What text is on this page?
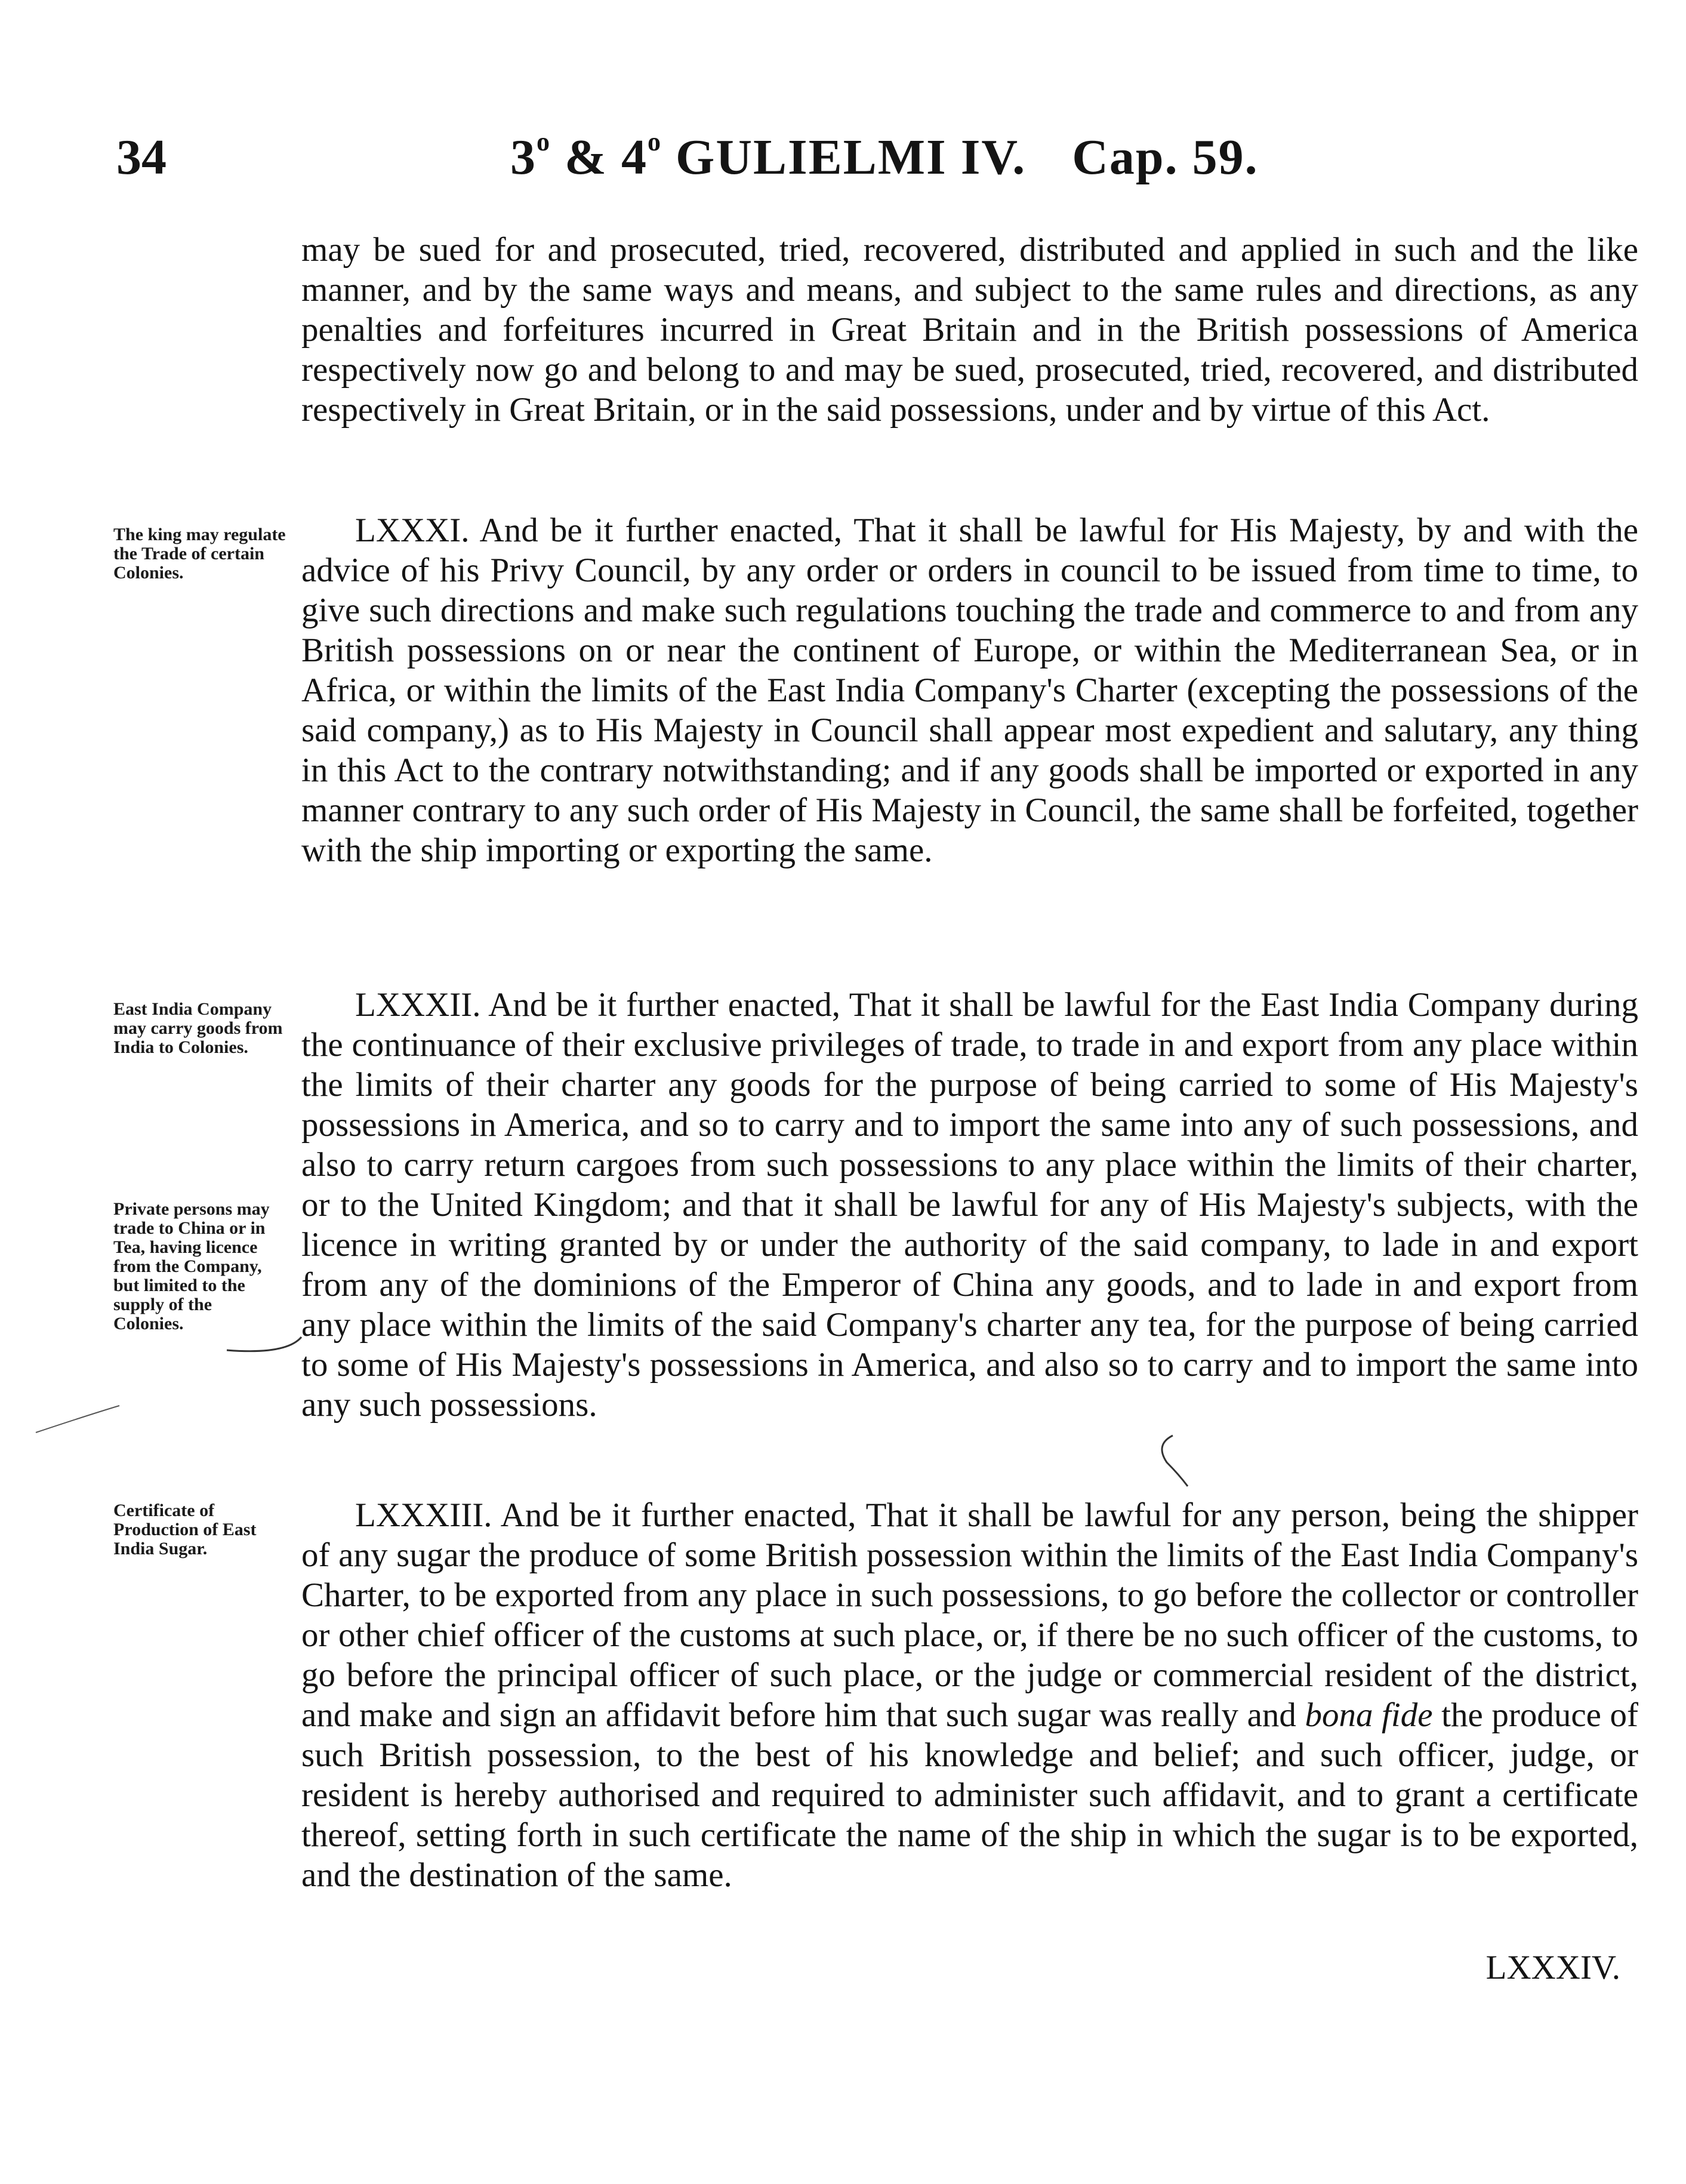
34	3$^o$ & 4$^o$ GULIELMI IV. Cap. 59.

may be sued for and prosecuted, tried, recovered, distributed and applied in such and the like manner, and by the same ways and means, and subject to the same rules and directions, as any penalties and forfeitures incurred in Great Britain and in the British possessions of America respectively now go and belong to and may be sued, prosecuted, tried, recovered, and distributed respectively in Great Britain, or in the said possessions, under and by virtue of this Act.

The king may regulate the Trade of certain Colonies.

LXXXI. And be it further enacted, That it shall be lawful for His Majesty, by and with the advice of his Privy Council, by any order or orders in council to be issued from time to time, to give such directions and make such regulations touching the trade and commerce to and from any British possessions on or near the continent of Europe, or within the Mediterranean Sea, or in Africa, or within the limits of the East India Company's Charter (excepting the possessions of the said company,) as to His Majesty in Council shall appear most expedient and salutary, any thing in this Act to the contrary notwithstanding; and if any goods shall be imported or exported in any manner contrary to any such order of His Majesty in Council, the same shall be forfeited, together with the ship importing or exporting the same.

East India Company may carry goods from India to Colonies.
Private persons may trade to China or in Tea, having licence from the Company, but limited to the supply of the Colonies.

LXXXII. And be it further enacted, That it shall be lawful for the East India Company during the continuance of their exclusive privileges of trade, to trade in and export from any place within the limits of their charter any goods for the purpose of being carried to some of His Majesty's possessions in America, and so to carry and to import the same into any of such possessions, and also to carry return cargoes from such possessions to any place within the limits of their charter, or to the United Kingdom; and that it shall be lawful for any of His Majesty's subjects, with the licence in writing granted by or under the authority of the said company, to lade in and export from any of the dominions of the Emperor of China any goods, and to lade in and export from any place within the limits of the said Company's charter any tea, for the purpose of being carried to some of His Majesty's possessions in America, and also so to carry and to import the same into any such possessions.

Certificate of Production of East India Sugar.

LXXXIII. And be it further enacted, That it shall be lawful for any person, being the shipper of any sugar the produce of some British possession within the limits of the East India Company's Charter, to be exported from any place in such possessions, to go before the collector or controller or other chief officer of the customs at such place, or, if there be no such officer of the customs, to go before the principal officer of such place, or the judge or commercial resident of the district, and make and sign an affidavit before him that such sugar was really and bona fide the produce of such British possession, to the best of his knowledge and belief; and such officer, judge, or resident is hereby authorised and required to administer such affidavit, and to grant a certificate thereof, setting forth in such certificate the name of the ship in which the sugar is to be exported, and the destination of the same.

LXXXIV.
